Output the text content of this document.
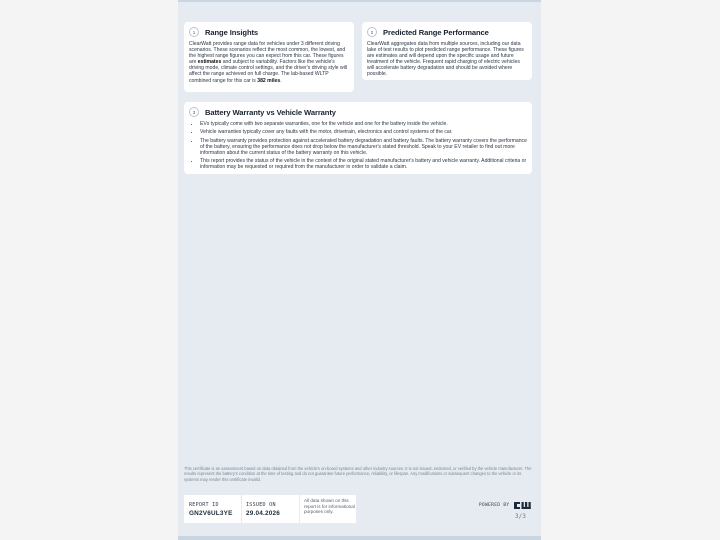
1	Range Insights
ClearWatt provides range data for vehicles under 3 different driving scenarios. These scenarios reflect the most common, the lowest, and the highest range figures you can expect from this car. These figures are estimates and subject to variability. Factors like the vehicle's driving mode, climate control settings, and the driver's driving style will affect the range achieved on full charge. The lab-based WLTP combined range for this car is 382 miles.
2	Predicted Range Performance
ClearWatt aggregates data from multiple sources, including our data lake of test results to plot predicted range performance. These figures are estimates and will depend upon the specific usage and future treatment of the vehicle. Frequent rapid charging of electric vehicles will accelerate battery degradation and should be avoided where possible.
3	Battery Warranty vs Vehicle Warranty
• EVs typically come with two separate warranties, one for the vehicle and one for the battery inside the vehicle.
• Vehicle warranties typically cover any faults with the motor, drivetrain, electronics and control systems of the car.
• The battery warranty provides protection against accelerated battery degradation and battery faults. The battery warranty covers the performance of the battery, ensuring the performance does not drop below the manufacturer's stated threshold. Speak to your EV retailer to find out more information about the current status of the battery warranty on this vehicle.
• This report provides the status of the vehicle in the context of the original stated manufacturer's battery and vehicle warranty. Additional criteria or information may be requested or required from the manufacturer in order to validate a claim.
This certificate is an assessment based on data obtained from the vehicle's on-board systems and other industry sources. It is not issued, endorsed, or verified by the vehicle manufacturer. The results represent the battery's condition at the time of testing and do not guarantee future performance, reliability, or lifespan. Any modifications or subsequent changes to the vehicle or its systems may render this certificate invalid.
REPORT ID
GN2V6UL3YE
ISSUED ON
29.04.2026
All data shown on this report is for informational purposes only.
POWERED BY
3/3
